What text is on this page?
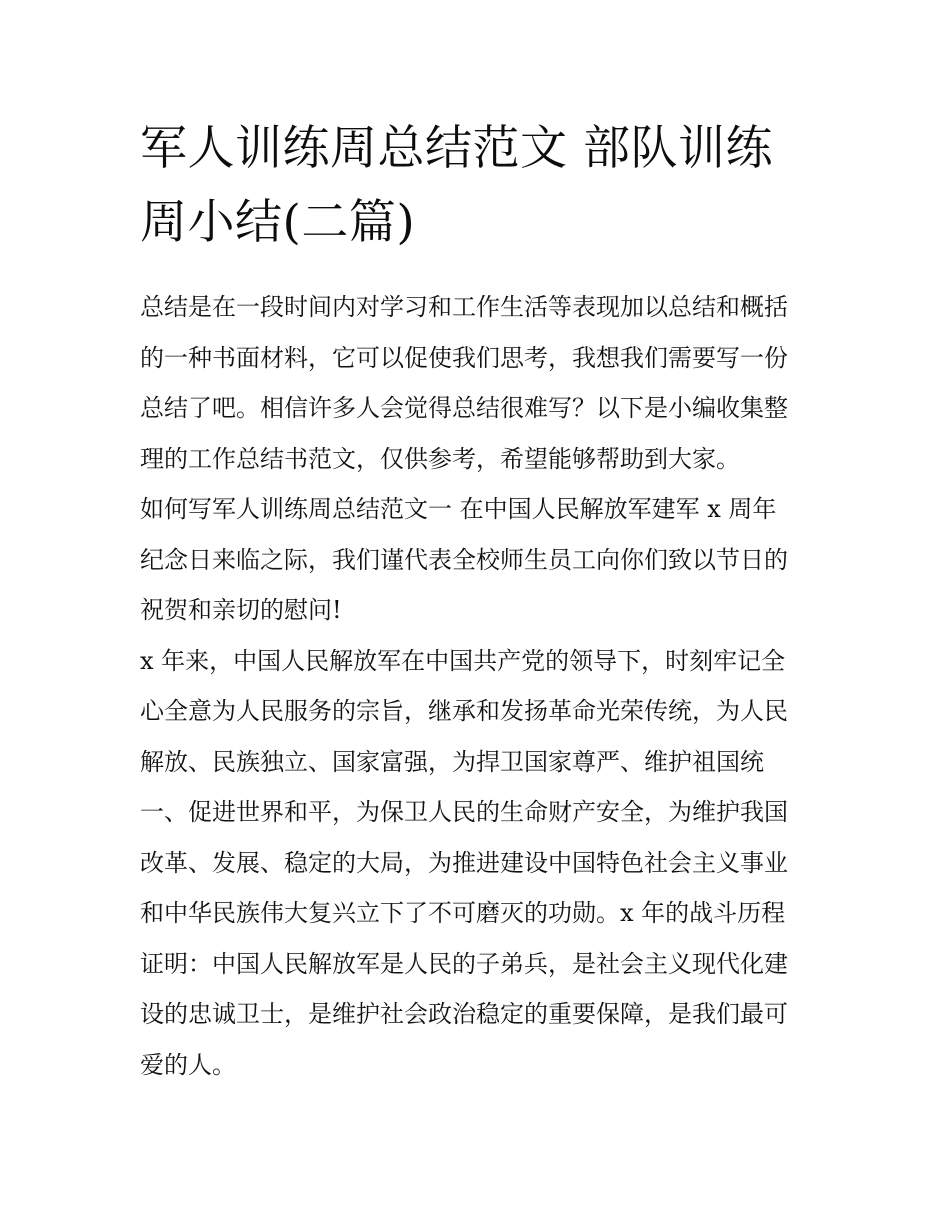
军人训练周总结范文 部队训练
周小结(二篇)
总结是在一段时间内对学习和工作生活等表现加以总结和概括
的一种书面材料，它可以促使我们思考，我想我们需要写一份
总结了吧。相信许多人会觉得总结很难写？以下是小编收集整
理的工作总结书范文，仅供参考，希望能够帮助到大家。
如何写军人训练周总结范文一 在中国人民解放军建军 x 周年
纪念日来临之际，我们谨代表全校师生员工向你们致以节日的
祝贺和亲切的慰问!
x 年来，中国人民解放军在中国共产党的领导下，时刻牢记全
心全意为人民服务的宗旨，继承和发扬革命光荣传统，为人民
解放、民族独立、国家富强，为捍卫国家尊严、维护祖国统
一、促进世界和平，为保卫人民的生命财产安全，为维护我国
改革、发展、稳定的大局，为推进建设中国特色社会主义事业
和中华民族伟大复兴立下了不可磨灭的功勋。x 年的战斗历程
证明：中国人民解放军是人民的子弟兵，是社会主义现代化建
设的忠诚卫士，是维护社会政治稳定的重要保障，是我们最可
爱的人。
